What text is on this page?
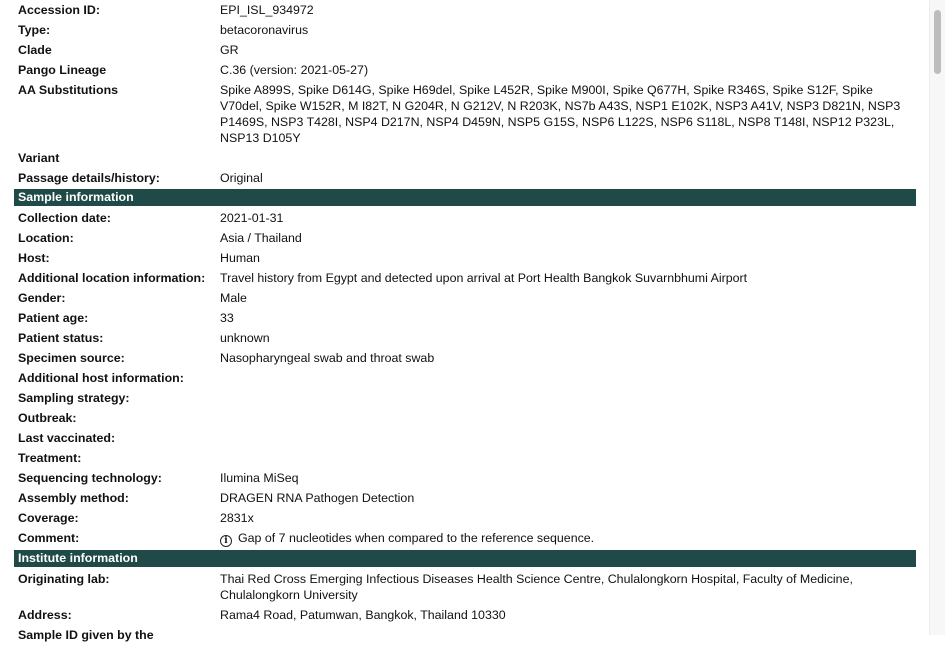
Accession ID:	EPI_ISL_934972
Type:	betacoronavirus
Clade	GR
Pango Lineage	C.36 (version: 2021-05-27)
AA Substitutions	Spike A899S, Spike D614G, Spike H69del, Spike L452R, Spike M900I, Spike Q677H, Spike R346S, Spike S12F, Spike V70del, Spike W152R, M I82T, N G204R, N G212V, N R203K, NS7b A43S, NSP1 E102K, NSP3 A41V, NSP3 D821N, NSP3 P1469S, NSP3 T428I, NSP4 D217N, NSP4 D459N, NSP5 G15S, NSP6 L122S, NSP6 S118L, NSP8 T148I, NSP12 P323L, NSP13 D105Y
Variant
Passage details/history:	Original
Sample information
Collection date:	2021-01-31
Location:	Asia / Thailand
Host:	Human
Additional location information:	Travel history from Egypt and detected upon arrival at Port Health Bangkok Suvarnbhumi Airport
Gender:	Male
Patient age:	33
Patient status:	unknown
Specimen source:	Nasopharyngeal swab and throat swab
Additional host information:
Sampling strategy:
Outbreak:
Last vaccinated:
Treatment:
Sequencing technology:	Ilumina MiSeq
Assembly method:	DRAGEN RNA Pathogen Detection
Coverage:	2831x
Comment:	i Gap of 7 nucleotides when compared to the reference sequence.
Institute information
Originating lab:	Thai Red Cross Emerging Infectious Diseases Health Science Centre, Chulalongkorn Hospital, Faculty of Medicine, Chulalongkorn University
Address:	Rama4 Road, Patumwan, Bangkok, Thailand 10330
Sample ID given by the
